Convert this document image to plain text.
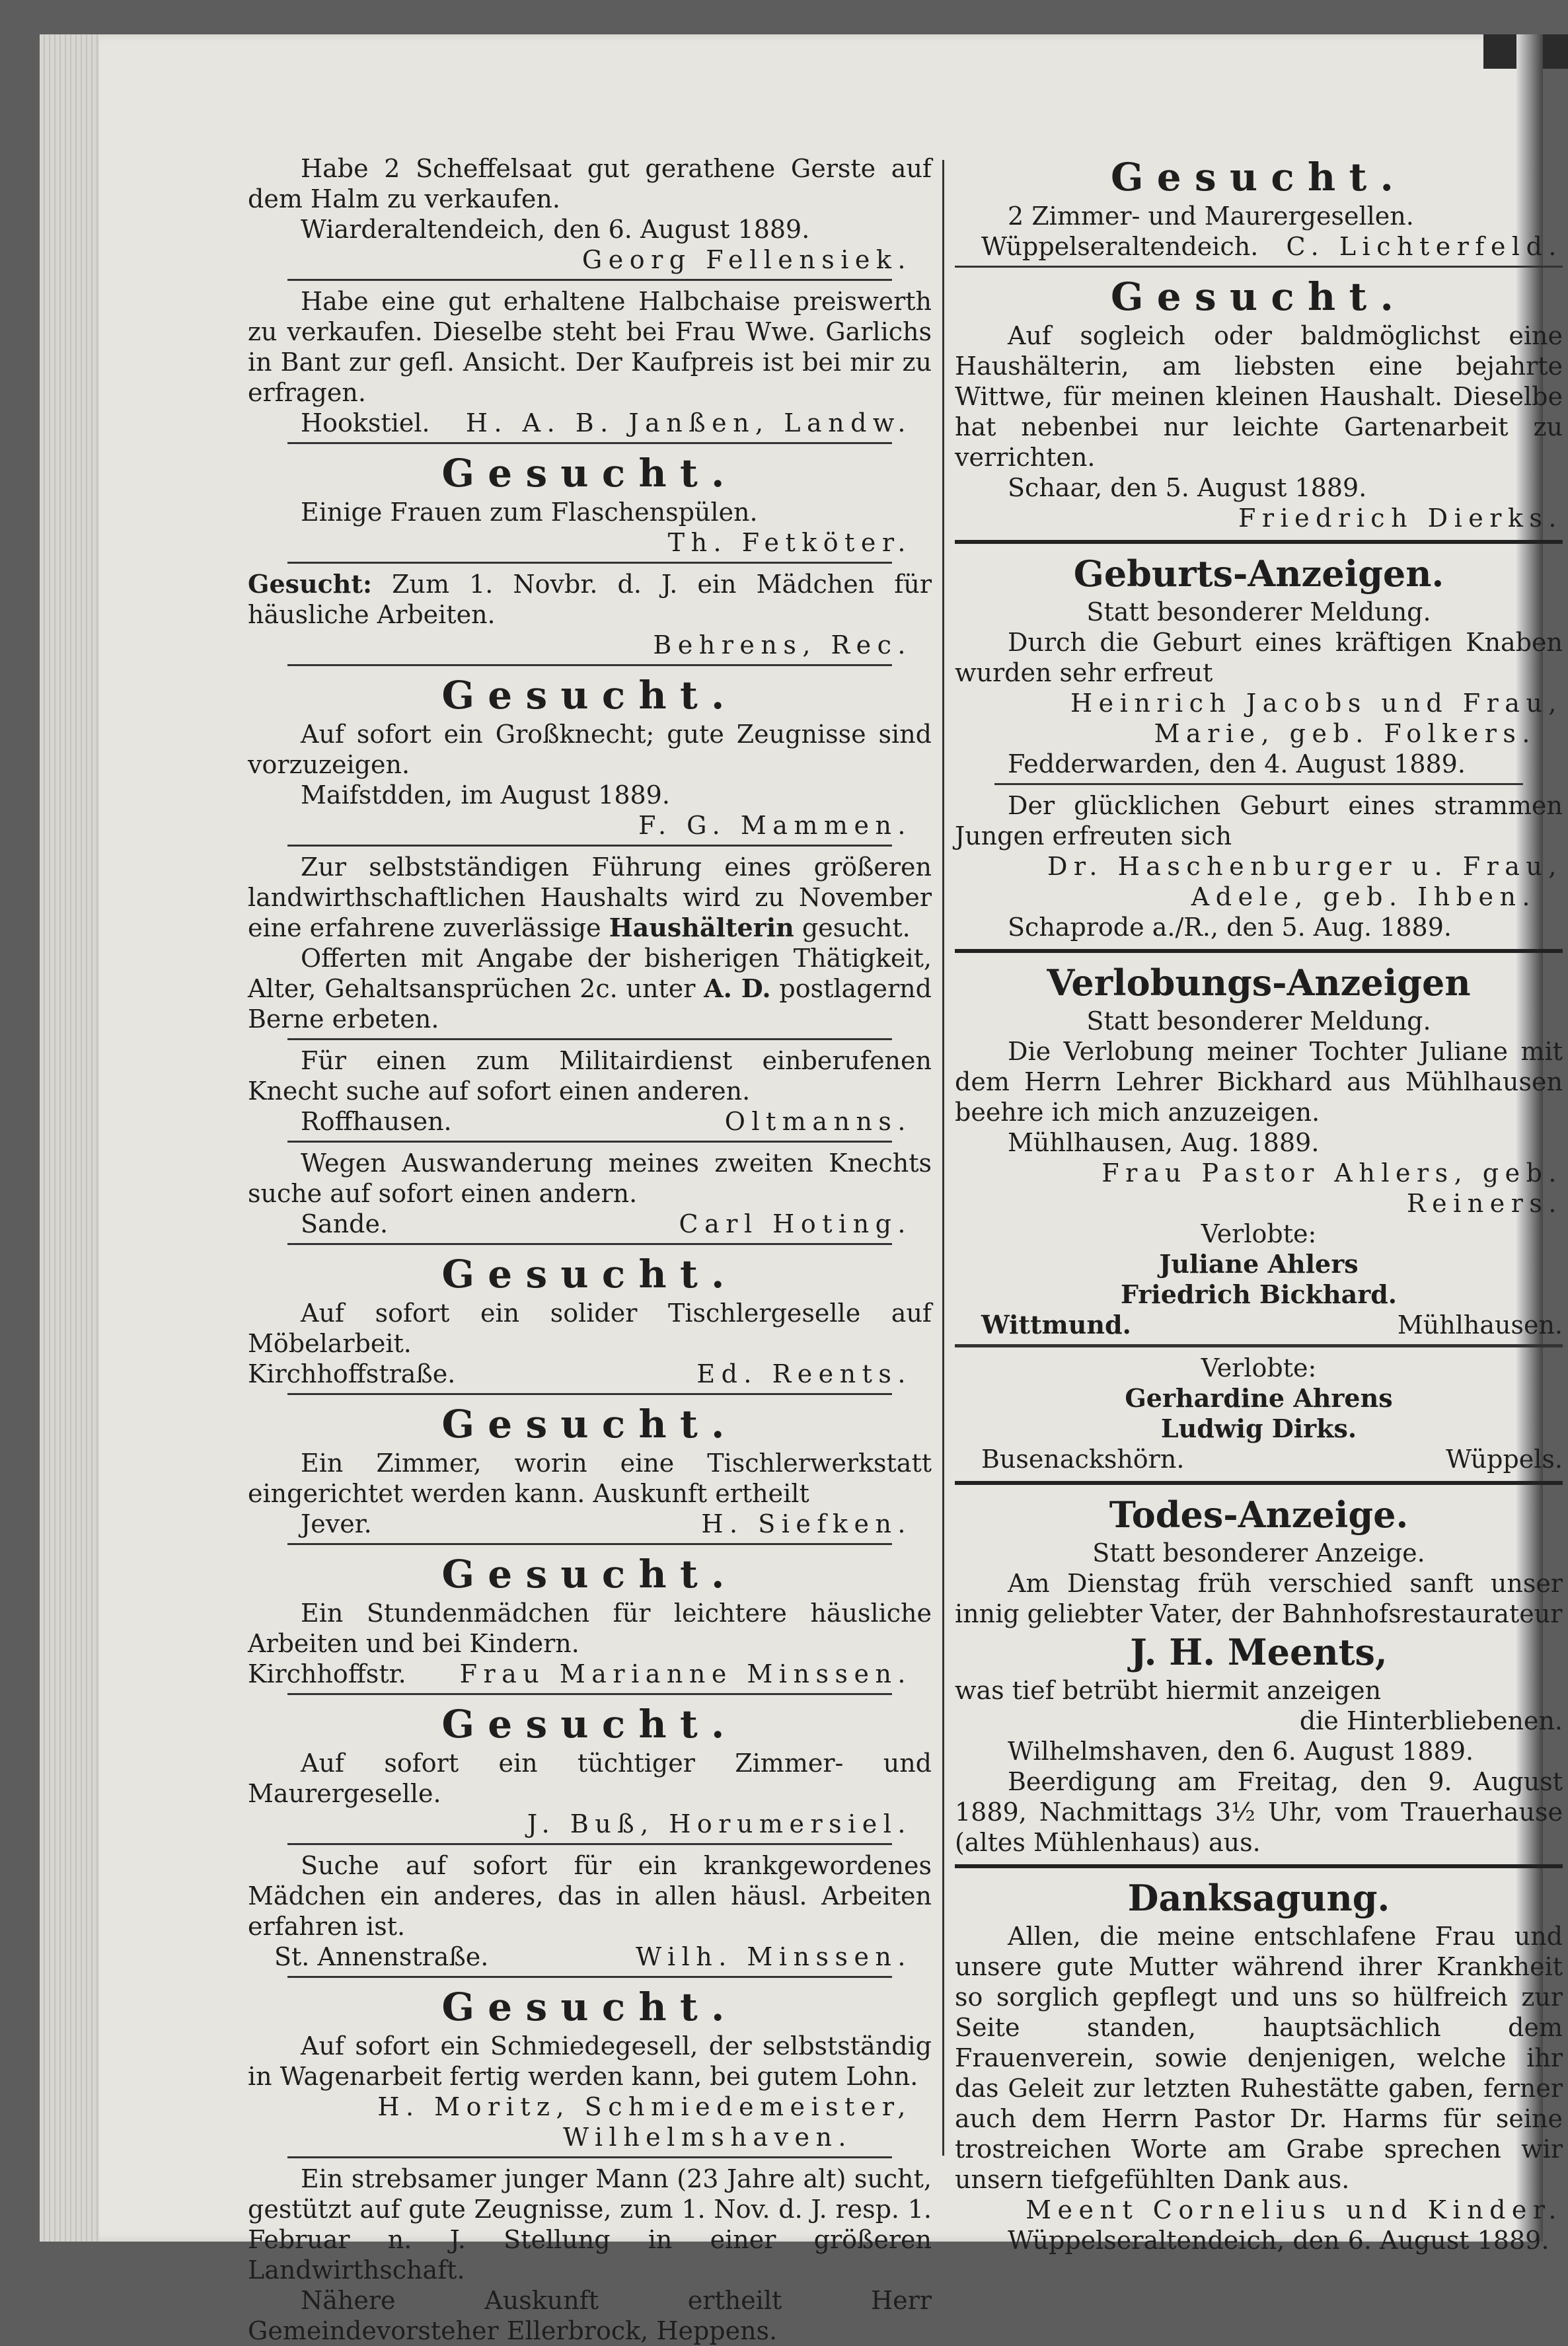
Habe 2 Scheffelsaat gut gerathene Gerste auf dem Halm zu verkaufen.

Wiarderaltendeich, den 6. August 1889.

Georg Fellensiek.

Habe eine gut erhaltene Halbchaise preiswerth zu verkaufen. Dieselbe steht bei Frau Wwe. Garlichs in Bant zur gefl. Ansicht. Der Kaufpreis ist bei mir zu erfragen.

Hookstiel. H. A. B. Janßen, Landw.
Gesucht.

Einige Frauen zum Flaschenspülen.

Th. Fetköter.

Gesucht: Zum 1. Novbr. d. J. ein Mädchen für häusliche Arbeiten.

Behrens, Rec.

Gesucht.

Auf sofort ein Großknecht; gute Zeugnisse sind vorzuzeigen.

Maifstdden, im August 1889.

F. G. Mammen.

Zur selbstständigen Führung eines größeren landwirthschaftlichen Haushalts wird zu November eine erfahrene zuverlässige Haushälterin gesucht.

Offerten mit Angabe der bisherigen Thätigkeit, Alter, Gehaltsansprüchen 2c. unter A. D. postlagernd Berne erbeten.

Für einen zum Militairdienst einberufenen Knecht suche auf sofort einen anderen.

Roffhausen.	Oltmanns.

Wegen Auswanderung meines zweiten Knechts suche auf sofort einen andern.

Sande.	Carl Hoting.
Gesucht.

Auf sofort ein solider Tischlergeselle auf Möbelarbeit.

Kirchhoffstraße.	Ed. Reents.
Gesucht.

Ein Zimmer, worin eine Tischlerwerkstatt eingerichtet werden kann. Auskunft ertheilt

Jever.	H. Siefken.
Gesucht.

Ein Stundenmädchen für leichtere häusliche Arbeiten und bei Kindern.

Kirchhoffstr. Frau Marianne Minssen.
Gesucht.

Auf sofort ein tüchtiger Zimmer- und Maurergeselle.

J. Buß, Horumersiel.

Suche auf sofort für ein krankgewordenes Mädchen ein anderes, das in allen häusl. Arbeiten erfahren ist.

St. Annenstraße.	Wilh. Minssen.
Gesucht.

Auf sofort ein Schmiedegesell, der selbstständig in Wagenarbeit fertig werden kann, bei gutem Lohn.

H. Moritz, Schmiedemeister,

Wilhelmshaven.

Ein strebsamer junger Mann (23 Jahre alt) sucht, gestützt auf gute Zeugnisse, zum 1. Nov. d. J. resp. 1. Februar n. J. Stellung in einer größeren Landwirthschaft.

Nähere Auskunft ertheilt Herr Gemeindevorsteher Ellerbrock, Heppens.

Gesucht.

2 Zimmer- und Maurergesellen.

Wüppelseraltendeich. C. Lichterfeld.
Gesucht.

Auf sogleich oder baldmöglichst eine Haushälterin, am liebsten eine bejahrte Wittwe, für meinen kleinen Haushalt. Dieselbe hat nebenbei nur leichte Gartenarbeit zu verrichten.

Schaar, den 5. August 1889.

Friedrich Dierks.

Geburts-Anzeigen.

Statt besonderer Meldung.

Durch die Geburt eines kräftigen Knaben wurden sehr erfreut

Heinrich Jacobs und Frau,

Marie, geb. Folkers.

Fedderwarden, den 4. August 1889.

Der glücklichen Geburt eines strammen Jungen erfreuten sich

Dr. Haschenburger u. Frau,

Adele, geb. Ihben.

Schaprode a./R., den 5. Aug. 1889.

Verlobungs-Anzeigen

Statt besonderer Meldung.

Die Verlobung meiner Tochter Juliane mit dem Herrn Lehrer Bickhard aus Mühlhausen beehre ich mich anzuzeigen.

Mühlhausen, Aug. 1889.

Frau Pastor Ahlers, geb. Reiners.

Verlobte:

Juliane Ahlers

Friedrich Bickhard.

Wittmund.	Mühlhausen.

Verlobte:

Gerhardine Ahrens

Ludwig Dirks.

Busenackshörn.	Wüppels.
Todes-Anzeige.

Statt besonderer Anzeige.

Am Dienstag früh verschied sanft unser innig geliebter Vater, der Bahnhofsrestaurateur

J. H. Meents,

was tief betrübt hiermit anzeigen

die Hinterbliebenen.

Wilhelmshaven, den 6. August 1889.

Beerdigung am Freitag, den 9. August 1889, Nachmittags 3½ Uhr, vom Trauerhause (altes Mühlenhaus) aus.

Danksagung.

Allen, die meine entschlafene Frau und unsere gute Mutter während ihrer Krankheit so sorglich gepflegt und uns so hülfreich zur Seite standen, hauptsächlich dem Frauenverein, sowie denjenigen, welche ihr das Geleit zur letzten Ruhestätte gaben, ferner auch dem Herrn Pastor Dr. Harms für seine trostreichen Worte am Grabe sprechen wir unsern tiefgefühlten Dank aus.

Meent Cornelius und Kinder.

Wüppelseraltendeich, den 6. August 1889.
